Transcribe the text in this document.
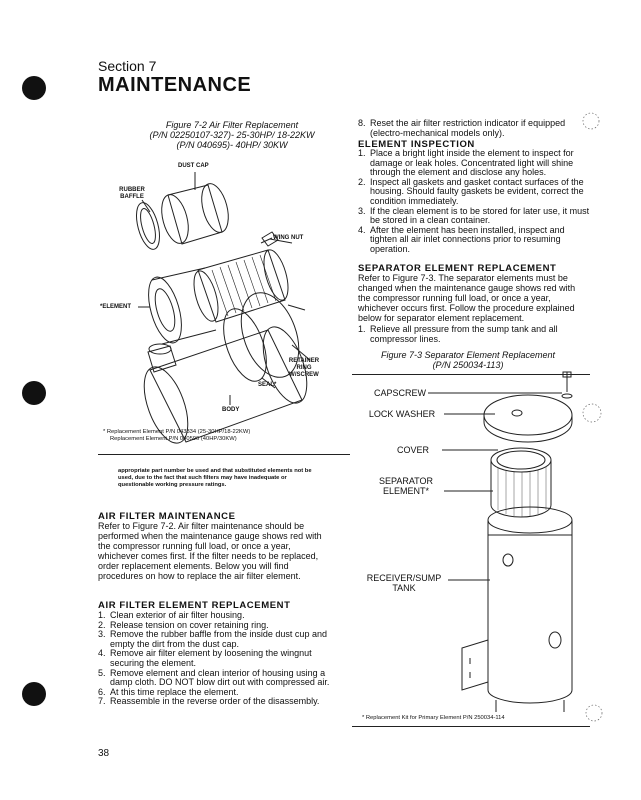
Section 7
MAINTENANCE
Figure 7-2 Air Filter Replacement
(P/N 02250107-327)- 25-30HP/ 18-22KW
(P/N 040695)- 40HP/ 30KW
DUST CAP
RUBBER BAFFLE
WING NUT
*ELEMENT
RETAINER RING W/SCREW
SEAL*
BODY
* Replacement Element P/N 043334 (25-30HP/18-22KW)
Replacement Element P/N 040596 (40HP/30KW)
appropriate part number be used and that substituted elements not be used, due to the fact that such filters may have inadequate or questionable working pressure ratings.
AIR FILTER MAINTENANCE
Refer to Figure 7-2. Air filter maintenance should be performed when the maintenance gauge shows red with the compressor running full load, or once a year, whichever comes first. If the filter needs to be replaced, order replacement elements. Below you will find procedures on how to replace the air filter element.
AIR FILTER ELEMENT REPLACEMENT
1. Clean exterior of air filter housing.
2. Release tension on cover retaining ring.
3. Remove the rubber baffle from the inside dust cup and empty the dirt from the dust cap.
4. Remove air filter element by loosening the wingnut securing the element.
5. Remove element and clean interior of housing using a damp cloth. DO NOT blow dirt out with compressed air.
6. At this time replace the element.
7. Reassemble in the reverse order of the disassembly.
38
8. Reset the air filter restriction indicator if equipped (electro-mechanical models only).
ELEMENT INSPECTION
1. Place a bright light inside the element to inspect for damage or leak holes. Concentrated light will shine through the element and disclose any holes.
2. Inspect all gaskets and gasket contact surfaces of the housing. Should faulty gaskets be evident, correct the condition immediately.
3. If the clean element is to be stored for later use, it must be stored in a clean container.
4. After the element has been installed, inspect and tighten all air inlet connections prior to resuming operation.
SEPARATOR ELEMENT REPLACEMENT
Refer to Figure 7-3. The separator elements must be changed when the maintenance gauge shows red with the compressor running full load, or once a year, whichever occurs first. Follow the procedure explained below for separator element replacement.
1. Relieve all pressure from the sump tank and all compressor lines.
Figure 7-3 Separator Element Replacement
(P/N 250034-113)
CAPSCREW
LOCK WASHER
COVER
SEPARATOR ELEMENT*
RECEIVER/SUMP TANK
* Replacement Kit for Primary Element P/N 250034-114
